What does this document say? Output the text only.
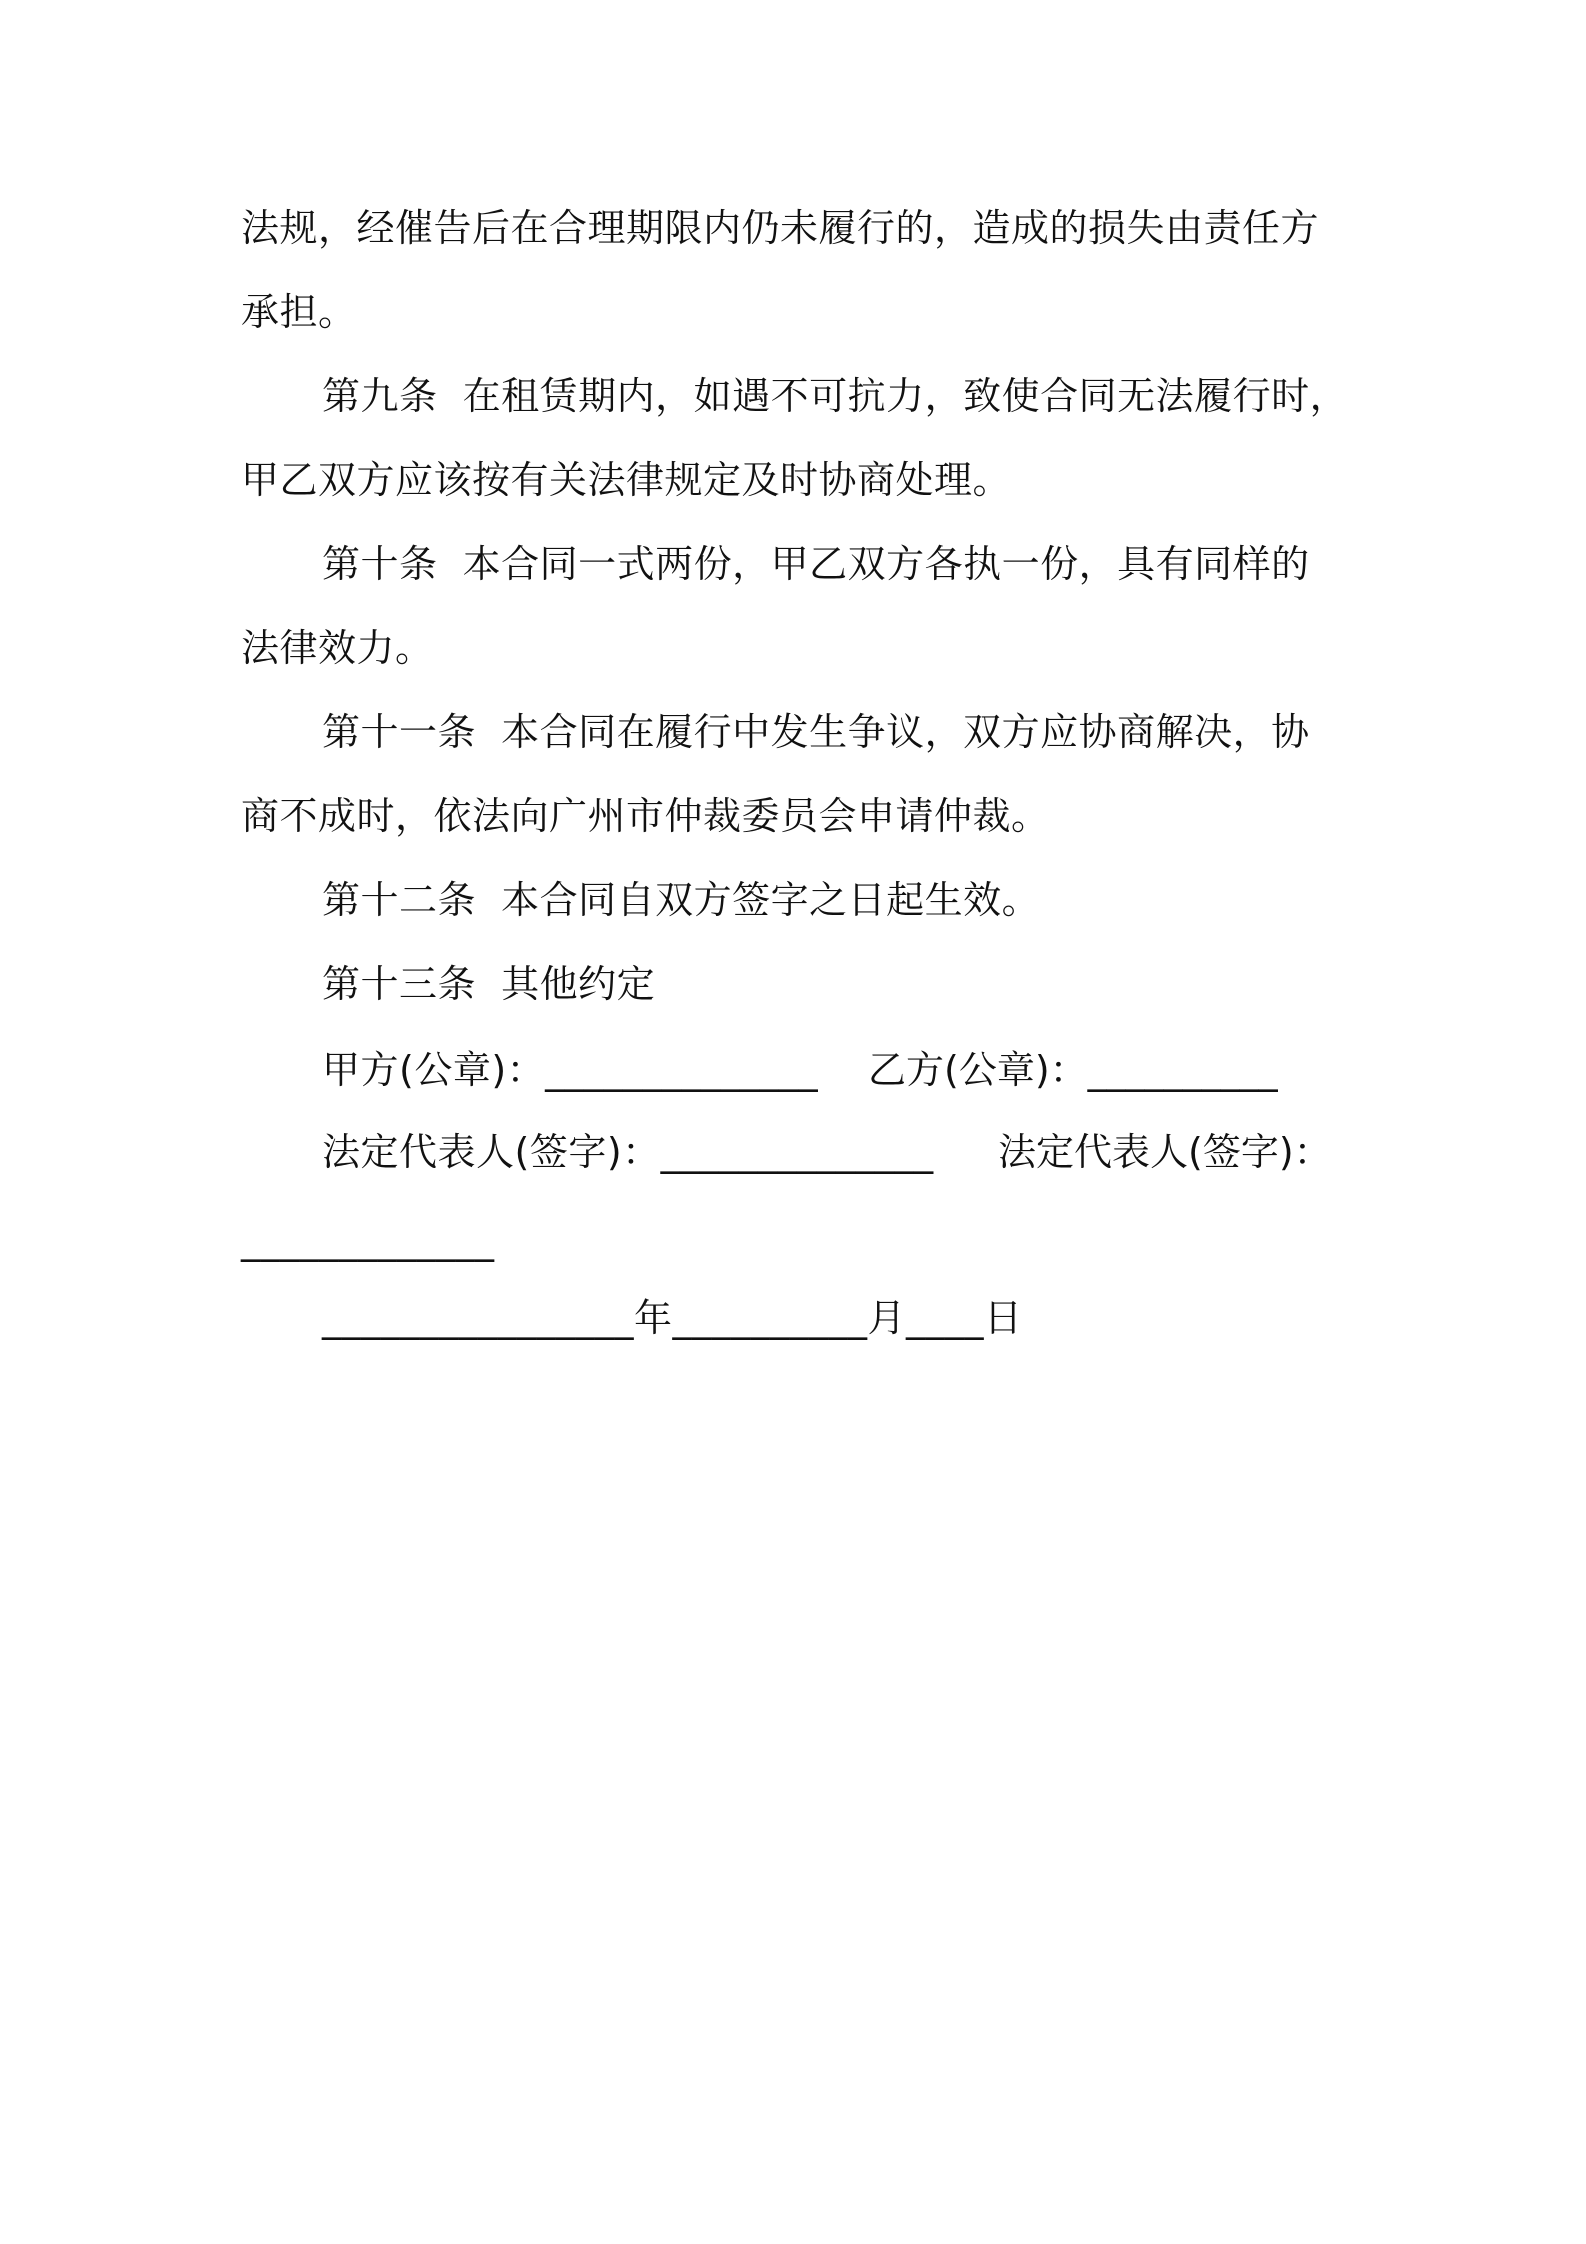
法规，经催告后在合理期限内仍未履行的，造成的损失由责任方
承担。
第九条  在租赁期内，如遇不可抗力，致使合同无法履行时，
甲乙双方应该按有关法律规定及时协商处理。
第十条  本合同一式两份，甲乙双方各执一份，具有同样的
法律效力。
第十一条  本合同在履行中发生争议，双方应协商解决，协
商不成时，依法向广州市仲裁委员会申请仲裁。
第十二条  本合同自双方签字之日起生效。
第十三条  其他约定
甲方(公章)：______________ 乙方(公章)：__________
法定代表人(签字)：______________ 法定代表人(签字)：
_____________
________________年__________月____日
